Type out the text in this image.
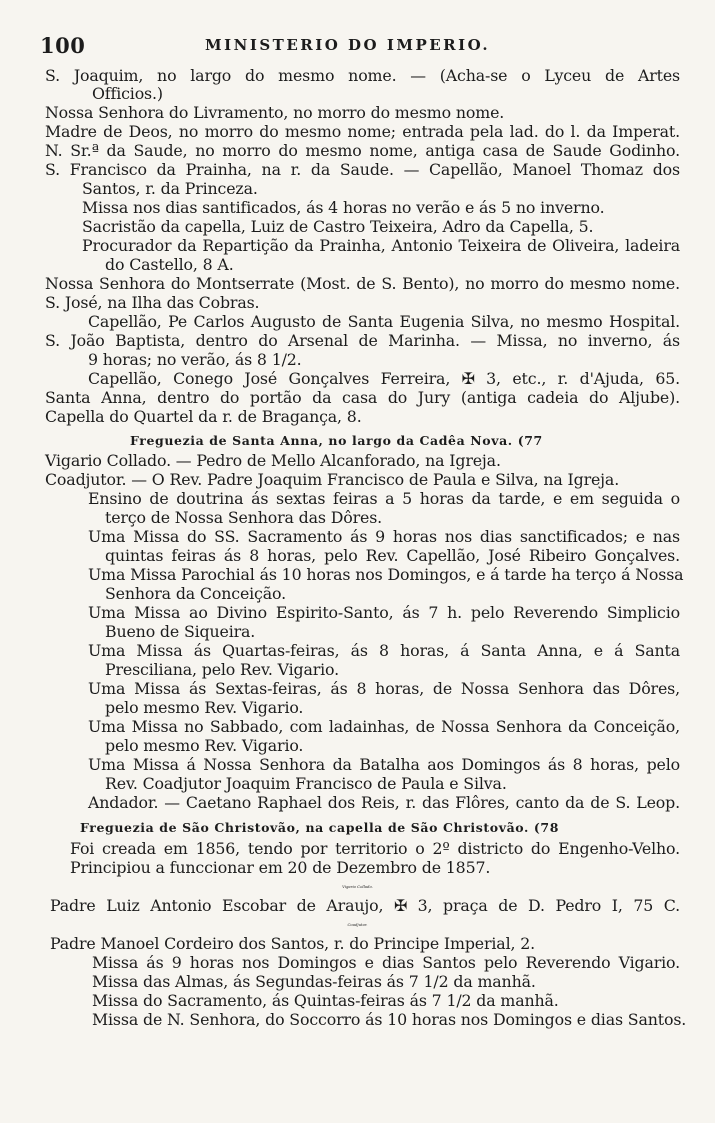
100	MINISTERIO DO IMPERIO.
S. Joaquim, no largo do mesmo nome. — (Acha-se o Lyceu de Artes
Officios.)
Nossa Senhora do Livramento, no morro do mesmo nome.
Madre de Deos, no morro do mesmo nome; entrada pela lad. do l. da Imperat.
N. Sr.ª da Saude, no morro do mesmo nome, antiga casa de Saude Godinho.
S. Francisco da Prainha, na r. da Saude. — Capellão, Manoel Thomaz dos
Santos, r. da Princeza.
Missa nos dias santificados, ás 4 horas no verão e ás 5 no inverno.
Sacristão da capella, Luiz de Castro Teixeira, Adro da Capella, 5.
Procurador da Repartição da Prainha, Antonio Teixeira de Oliveira, ladeira
do Castello, 8 A.
Nossa Senhora do Montserrate (Most. de S. Bento), no morro do mesmo nome.
S. José, na Ilha das Cobras.
Capellão, Pe Carlos Augusto de Santa Eugenia Silva, no mesmo Hospital.
S. João Baptista, dentro do Arsenal de Marinha. — Missa, no inverno, ás
9 horas; no verão, ás 8 1/2.
Capellão, Conego José Gonçalves Ferreira, ✠ 3, etc., r. d'Ajuda, 65.
Santa Anna, dentro do portão da casa do Jury (antiga cadeia do Aljube).
Capella do Quartel da r. de Bragança, 8.
Freguezia de Santa Anna, no largo da Cadêa Nova. (77
Vigario Collado. — Pedro de Mello Alcanforado, na Igreja.
Coadjutor. — O Rev. Padre Joaquim Francisco de Paula e Silva, na Igreja.
Ensino de doutrina ás sextas feiras a 5 horas da tarde, e em seguida o
terço de Nossa Senhora das Dôres.
Uma Missa do SS. Sacramento ás 9 horas nos dias sanctificados; e nas
quintas feiras ás 8 horas, pelo Rev. Capellão, José Ribeiro Gonçalves.
Uma Missa Parochial ás 10 horas nos Domingos, e á tarde ha terço á Nossa
Senhora da Conceição.
Uma Missa ao Divino Espirito-Santo, ás 7 h. pelo Reverendo Simplicio
Bueno de Siqueira.
Uma Missa ás Quartas-feiras, ás 8 horas, á Santa Anna, e á Santa
Presciliana, pelo Rev. Vigario.
Uma Missa ás Sextas-feiras, ás 8 horas, de Nossa Senhora das Dôres,
pelo mesmo Rev. Vigario.
Uma Missa no Sabbado, com ladainhas, de Nossa Senhora da Conceição,
pelo mesmo Rev. Vigario.
Uma Missa á Nossa Senhora da Batalha aos Domingos ás 8 horas, pelo
Rev. Coadjutor Joaquim Francisco de Paula e Silva.
Andador. — Caetano Raphael dos Reis, r. das Flôres, canto da de S. Leop.
Freguezia de São Christovão, na capella de São Christovão. (78
Foi creada em 1856, tendo por territorio o 2º districto do Engenho-Velho.
Principiou a funccionar em 20 de Dezembro de 1857.
Vigario Collado.
Padre Luiz Antonio Escobar de Araujo, ✠ 3, praça de D. Pedro I, 75 C.
Coadjutor.
Padre Manoel Cordeiro dos Santos, r. do Principe Imperial, 2.
Missa ás 9 horas nos Domingos e dias Santos pelo Reverendo Vigario.
Missa das Almas, ás Segundas-feiras ás 7 1/2 da manhã.
Missa do Sacramento, ás Quintas-feiras ás 7 1/2 da manhã.
Missa de N. Senhora, do Soccorro ás 10 horas nos Domingos e dias Santos.
